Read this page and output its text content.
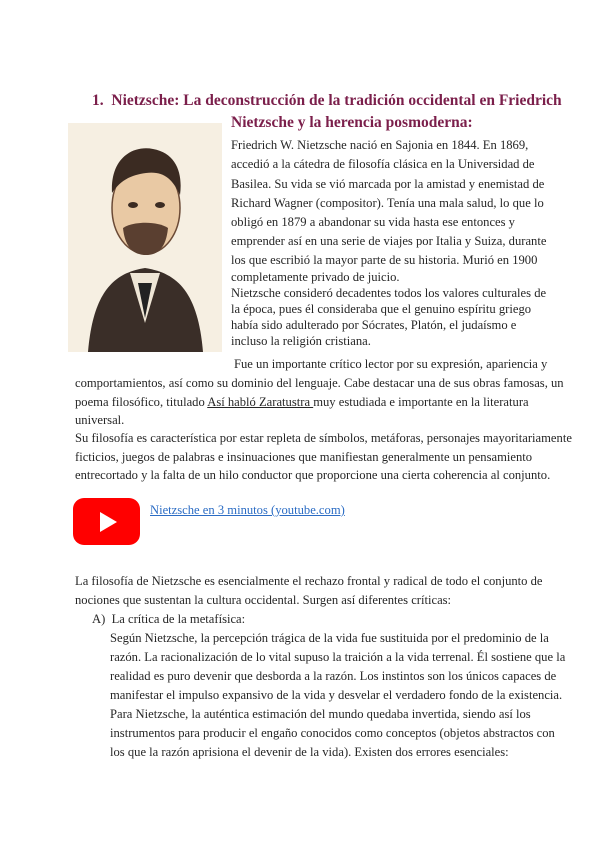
1. Nietzsche: La deconstrucción de la tradición occidental en Friedrich
Nietzsche y la herencia posmoderna:
Friedrich W. Nietzsche nació en Sajonia en 1844. En 1869,
accedió a la cátedra de filosofía clásica en la Universidad de
Basilea. Su vida se vió marcada por la amistad y enemistad de
Richard Wagner (compositor). Tenía una mala salud, lo que lo
obligó en 1879 a abandonar su vida hasta ese entonces y
emprender así en una serie de viajes por Italia y Suiza, durante
los que escribió la mayor parte de su historia. Murió en 1900
completamente privado de juicio.
Nietzsche consideró decadentes todos los valores culturales de
la época, pues él consideraba que el genuino espíritu griego
había sido adulterado por Sócrates, Platón, el judaísmo e
incluso la religión cristiana.
Fue un importante crítico lector por su expresión, apariencia y
comportamientos, así como su dominio del lenguaje. Cabe destacar una de sus obras famosas, un
poema filosófico, titulado Así habló Zaratustra muy estudiada e importante en la literatura
universal.
Su filosofía es característica por estar repleta de símbolos, metáforas, personajes mayoritariamente
ficticios, juegos de palabras e insinuaciones que manifiestan generalmente un pensamiento
entrecortado y la falta de un hilo conductor que proporcione una cierta coherencia al conjunto.
Nietzsche en 3 minutos (youtube.com)
La filosofía de Nietzsche es esencialmente el rechazo frontal y radical de todo el conjunto de
nociones que sustentan la cultura occidental. Surgen así diferentes críticas:
A) La crítica de la metafísica:
Según Nietzsche, la percepción trágica de la vida fue sustituida por el predominio de la
razón. La racionalización de lo vital supuso la traición a la vida terrenal. Él sostiene que la
realidad es puro devenir que desborda a la razón. Los instintos son los únicos capaces de
manifestar el impulso expansivo de la vida y desvelar el verdadero fondo de la existencia.
Para Nietzsche, la auténtica estimación del mundo quedaba invertida, siendo así los
instrumentos para producir el engaño conocidos como conceptos (objetos abstractos con
los que la razón aprisiona el devenir de la vida). Existen dos errores esenciales:
